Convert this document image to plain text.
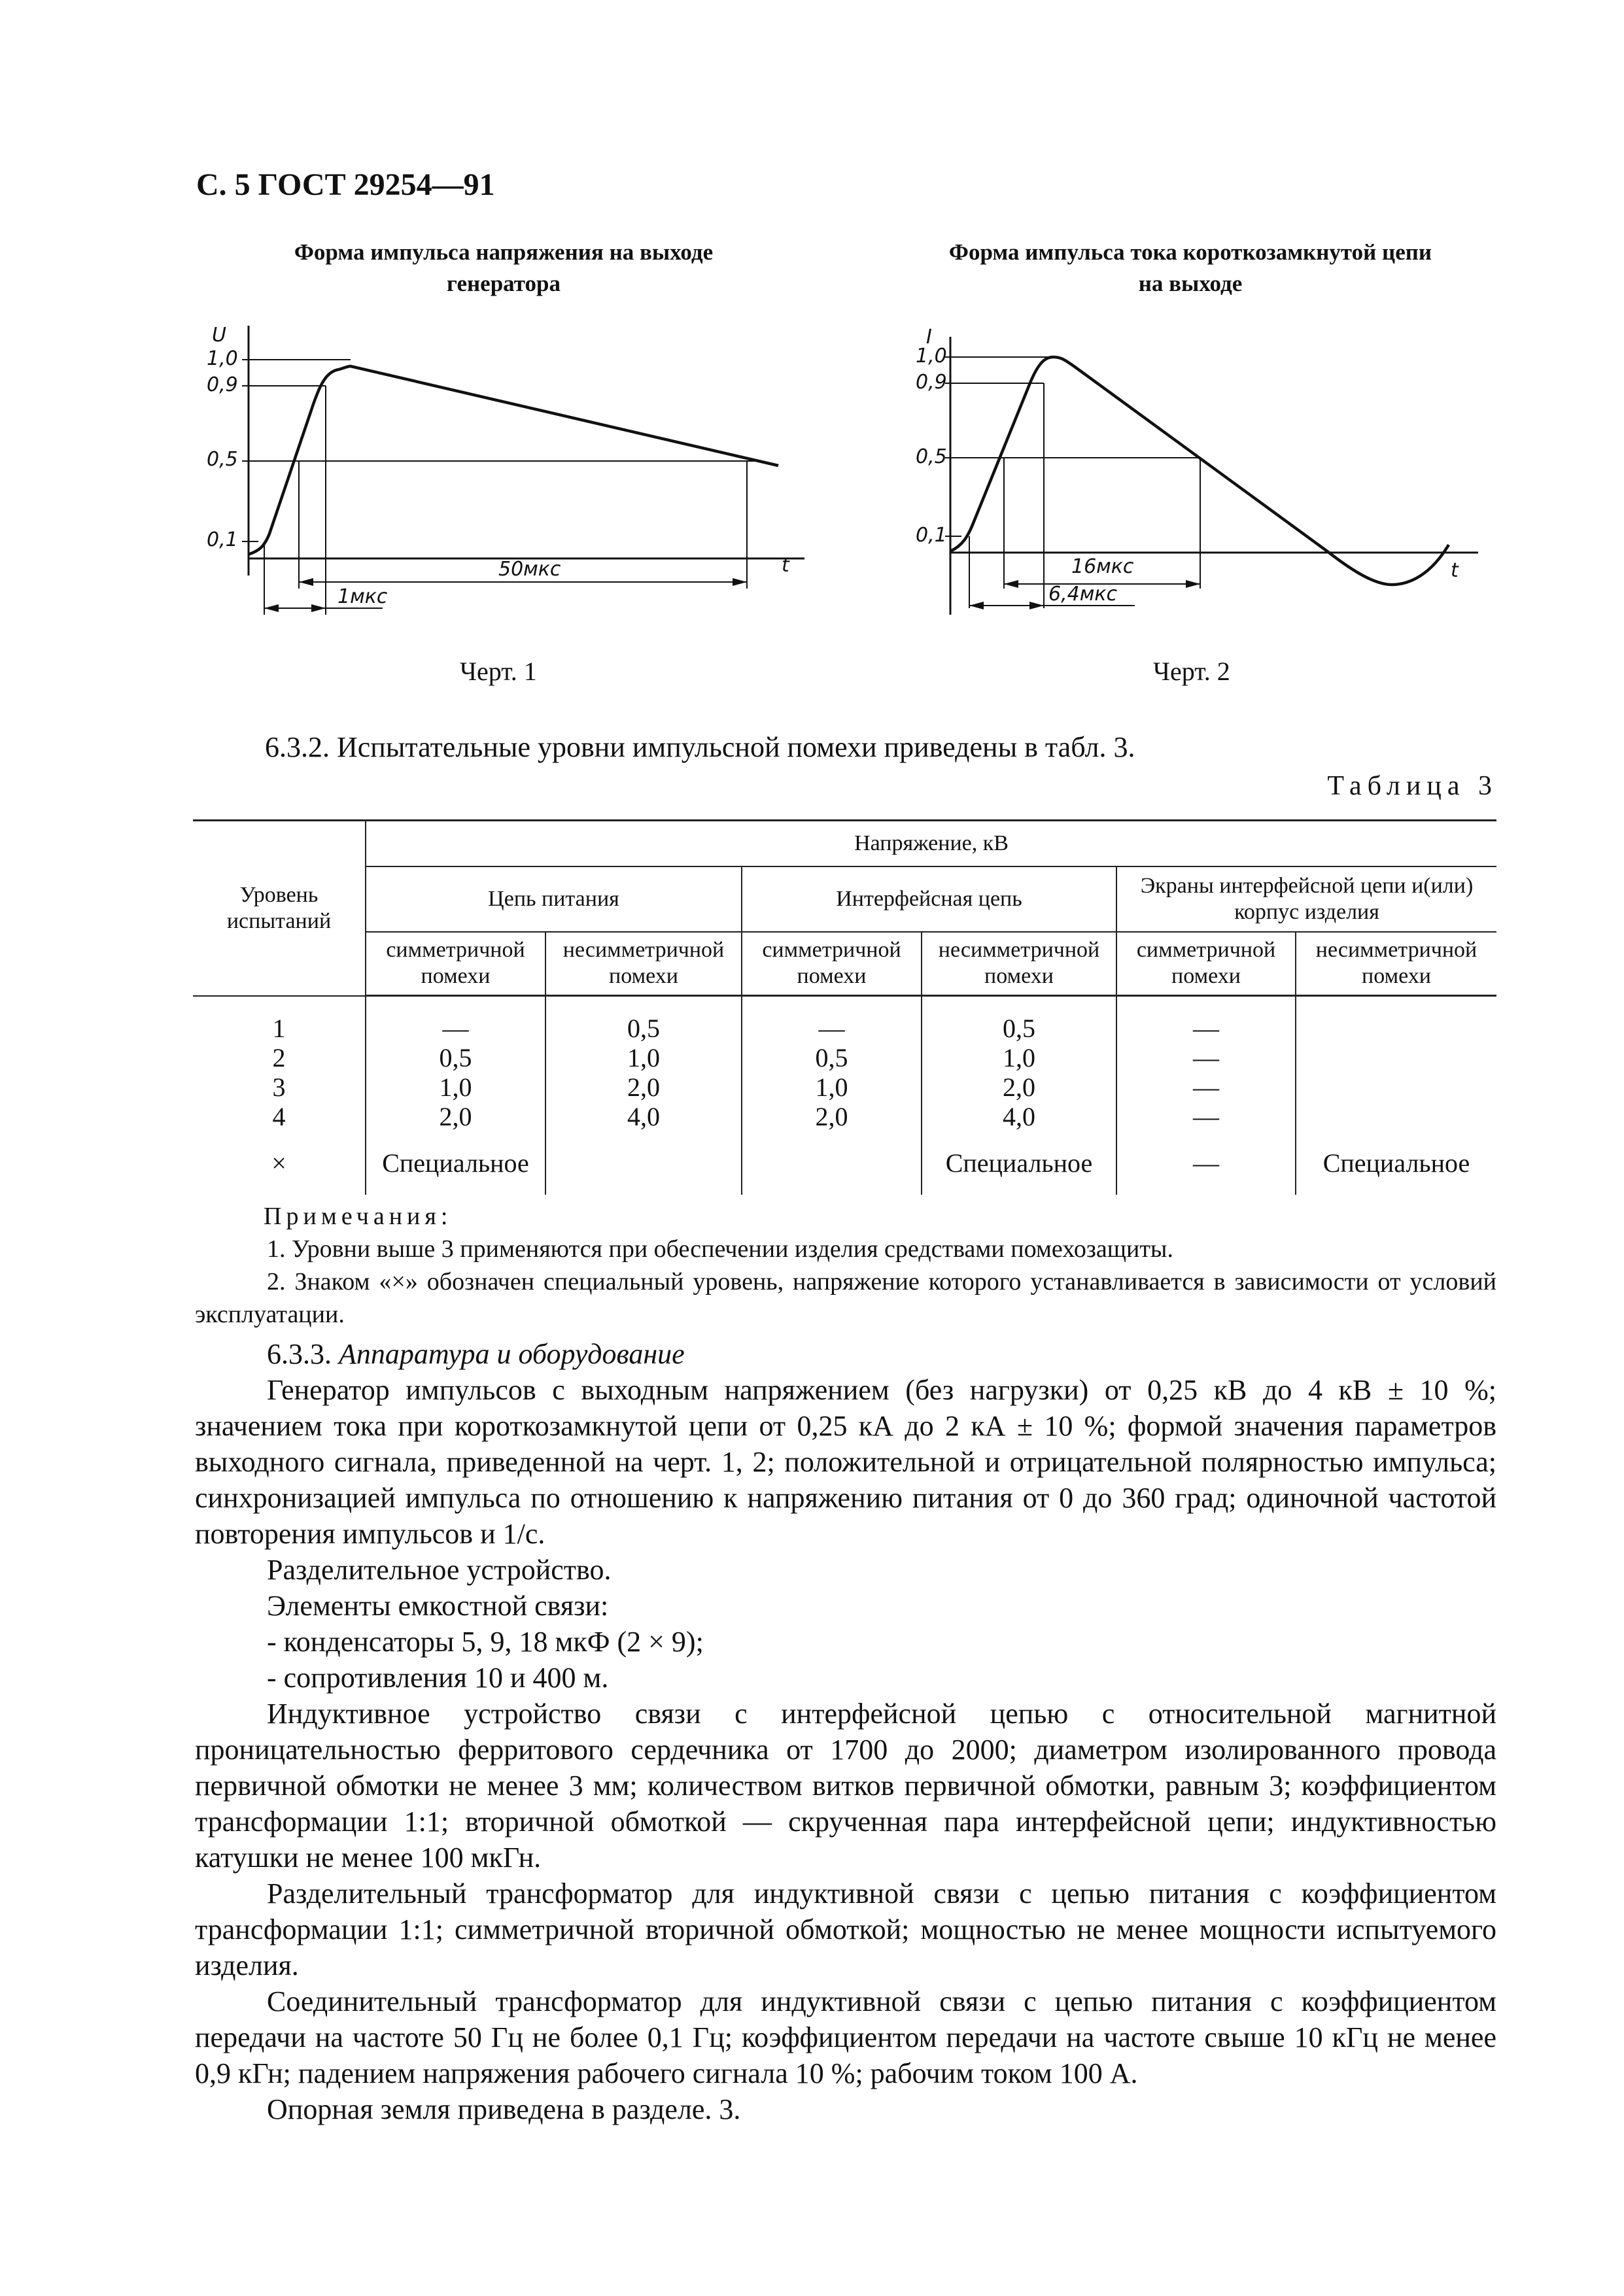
С. 5 ГОСТ 29254—91
Форма импульса напряжения на выходе
генератора
U
1,0
0,9
0,5
0,1
t
50мкс
1мкс
Черт. 1
Форма импульса тока короткозамкнутой цепи
на выходе
I
1,0
0,9
0,5
0,1
t
16мкс
6,4мкс
Черт. 2
6.3.2. Испытательные уровни импульсной помехи приведены в табл. 3.
Таблица 3
Уровень испытаний	Напряжение, кВ					
	Цепь питания		Интерфейсная цепь		Экраны интерфейсной цепи и(или) корпус изделия	
	симметричной помехи	несимметричной помехи	симметричной помехи	несимметричной помехи	симметричной помехи	несимметричной помехи

1	—	0,5	—	0,5	—	
2	0,5	1,0	0,5	1,0	—	
3	1,0	2,0	1,0	2,0	—	
4	2,0	4,0	2,0	4,0	—	

×	Специальное			Специальное	—	Специальное

Примечания:
1. Уровни выше 3 применяются при обеспечении изделия средствами помехозащиты.
2. Знаком «×» обозначен специальный уровень, напряжение которого устанавливается в зависимости от условий эксплуатации.
6.3.3. Аппаратура и оборудование
Генератор импульсов с выходным напряжением (без нагрузки) от 0,25 кВ до 4 кВ ± 10 %; значением тока при короткозамкнутой цепи от 0,25 кА до 2 кА ± 10 %; формой значения параметров выходного сигнала, приведенной на черт. 1, 2; положительной и отрицательной полярностью импульса; синхронизацией импульса по отношению к напряжению питания от 0 до 360 град; одиночной частотой повторения импульсов и 1/с.
Разделительное устройство.
Элементы емкостной связи:
- конденсаторы 5, 9, 18 мкФ (2 × 9);
- сопротивления 10 и 400 м.
Индуктивное устройство связи с интерфейсной цепью с относительной магнитной проницательностью ферритового сердечника от 1700 до 2000; диаметром изолированного провода первичной обмотки не менее 3 мм; количеством витков первичной обмотки, равным 3; коэффициентом трансформации 1:1; вторичной обмоткой — скрученная пара интерфейсной цепи; индуктивностью катушки не менее 100 мкГн.
Разделительный трансформатор для индуктивной связи с цепью питания с коэффициентом трансформации 1:1; симметричной вторичной обмоткой; мощностью не менее мощности испытуемого изделия.
Соединительный трансформатор для индуктивной связи с цепью питания с коэффициентом передачи на частоте 50 Гц не более 0,1 Гц; коэффициентом передачи на частоте свыше 10 кГц не менее 0,9 кГн; падением напряжения рабочего сигнала 10 %; рабочим током 100 А.
Опорная земля приведена в разделе. 3.
